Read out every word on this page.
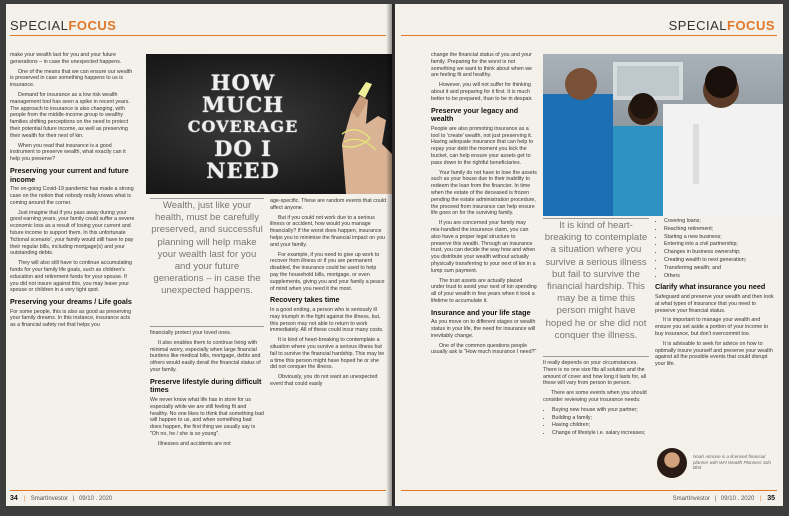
SPECIALFOCUS

make your wealth last for you and your future generations – in case the unexpected happens.

One of the means that we can ensure our wealth is preserved in case something happens to us is insurance.

Demand for insurance as a low risk wealth management tool has seen a spike in recent years. The approach to insurance is also changing, with people from the middle-income group to wealthy families shifting perceptions on the need to protect their potential future income, as well as preserving their wealth for their next of kin.

When you read that insurance is a good instrument to preserve wealth, what exactly can it help you preserve?

Preserving your current and future income

The on-going Covid-19 pandemic has made a strong case on the notion that nobody really knows what is coming around the corner.

Just imagine that if you pass away during your good earning years, your family could suffer a severe economic loss as a result of losing your current and future income to support them. In this unfortunate 'fictional scenario', your family would still have to pay their regular bills, including mortgage(s) and your outstanding debts.

They will also still have to continue accumulating funds for your family life goals, such as children's education and retirement funds for your spouse. If you did not insure against this, you may leave your spouse or children in a very tight spot.

Preserving your dreams / Life goals

For some people, this is also as good as preserving your family dreams. In this instance, insurance acts as a financial safety net that helps you

HOW
MUCH
COVERAGE
DO I
NEED
Wealth, just like your health, must be carefully preserved, and successful planning will help make your wealth last for you and your future generations – in case the unexpected happens.

financially protect your loved ones.

It also enables them to continue living with minimal worry, especially when large financial burdens like medical bills, mortgage, debts and others would easily derail the financial status of your family.

Preserve lifestyle during difficult times

We never know what life has in store for us especially while we are still feeling fit and healthy. No one likes to think that something bad will happen to us, and when something bad does happen, the first thing we usually say is "Oh no, he / she is so young".

Illnesses and accidents are not

age-specific. These are random events that could affect anyone.

But if you could not work due to a serious illness or accident, how would you manage financially? If the worst does happen, insurance helps you to minimise the financial impact on you and your family.

For example, if you need to give up work to recover from illness or if you are permanent disabled, the insurance could be used to help pay the household bills, mortgage, or even supplements, giving you and your family a peace of mind when you need it the most.

Recovery takes time

In a good ending, a person who is seriously ill may triumph in the fight against the illness, but, this person may not able to return to work immediately. All of these could incur many costs.

It is kind of heart-breaking to contemplate a situation where you survive a serious illness but fail to survive the financial hardship. This may be a time this person might have hoped he or she did not conquer the illness.

Obviously, you do not want an unexpected event that could easily

34 | SmartInvestor | 09/10 . 2020
SPECIALFOCUS

change the financial status of you and your family. Preparing for the worst is not something we want to think about when we are feeling fit and healthy.

However, you will not suffer for thinking about it and preparing for it first. It is much better to be prepared, than to be in despair.

Preserve your legacy and wealth

People are also promoting insurance as a tool to 'create' wealth, not just preserving it. Having adequate insurance that can help to repay your debt the moment you kick the bucket, can help ensure your assets get to pass down to the rightful beneficiaries.

Your family do not have to lose the assets such as your house due to their inability to redeem the loan from the financier. In time when the estate of the deceased is frozen pending the estate administration procedure, the proceed from insurance can help ensure life goes on for the surviving family.

If you are concerned your family may mis-handled the insurance claim, you can also have a proper legal structure to preserve this wealth. Through an insurance trust, you can decide the way how and when you distribute your wealth without actually physically transferring to your next of kin in a lump sum payment.

The trust assets are actually placed under trust to avoid your next of kin spending all of your wealth in few years when it took a lifetime to accumulate it.

Insurance and your life stage

As you move on to different stages or wealth status in your life, the need for insurance will inevitably change.

One of the common questions people usually ask is "How much insurance I need?"

It is kind of heart-breaking to contemplate a situation where you survive a serious illness but fail to survive the financial hardship. This may be a time this person might have hoped he or she did not conquer the illness.

It really depends on your circumstances. There is no one size fits all solution and the amount of cover and how long it lasts for, all these will vary from person to person.

There are some events when you should consider reviewing your insurance needs:

• Buying new house with your partner;
• Building a family;
• Having children;
• Change of lifestyle i.e. salary increases;
• Covering loans;
• Reaching retirement;
• Starting a new business;
• Entering into a civil partnership;
• Changes in business ownership;
• Creating wealth to next generation;
• Transferring wealth; and
• Others
Clarify what insurance you need

Safeguard and preserve your wealth and then look at what types of insurance that you need to preserve your financial status.

It is important to manage your wealth and ensure you set aside a portion of your income to buy insurance, but don't overcommit too.

It is advisable to seek for advice on how to optimally insure yourself and preserve your wealth against all the possible events that could disrupt your life.

Noah Aimone is a licensed financial planner with WH Wealth Planners Sdn Bhd
SmartInvestor | 09/10 . 2020 | 35
